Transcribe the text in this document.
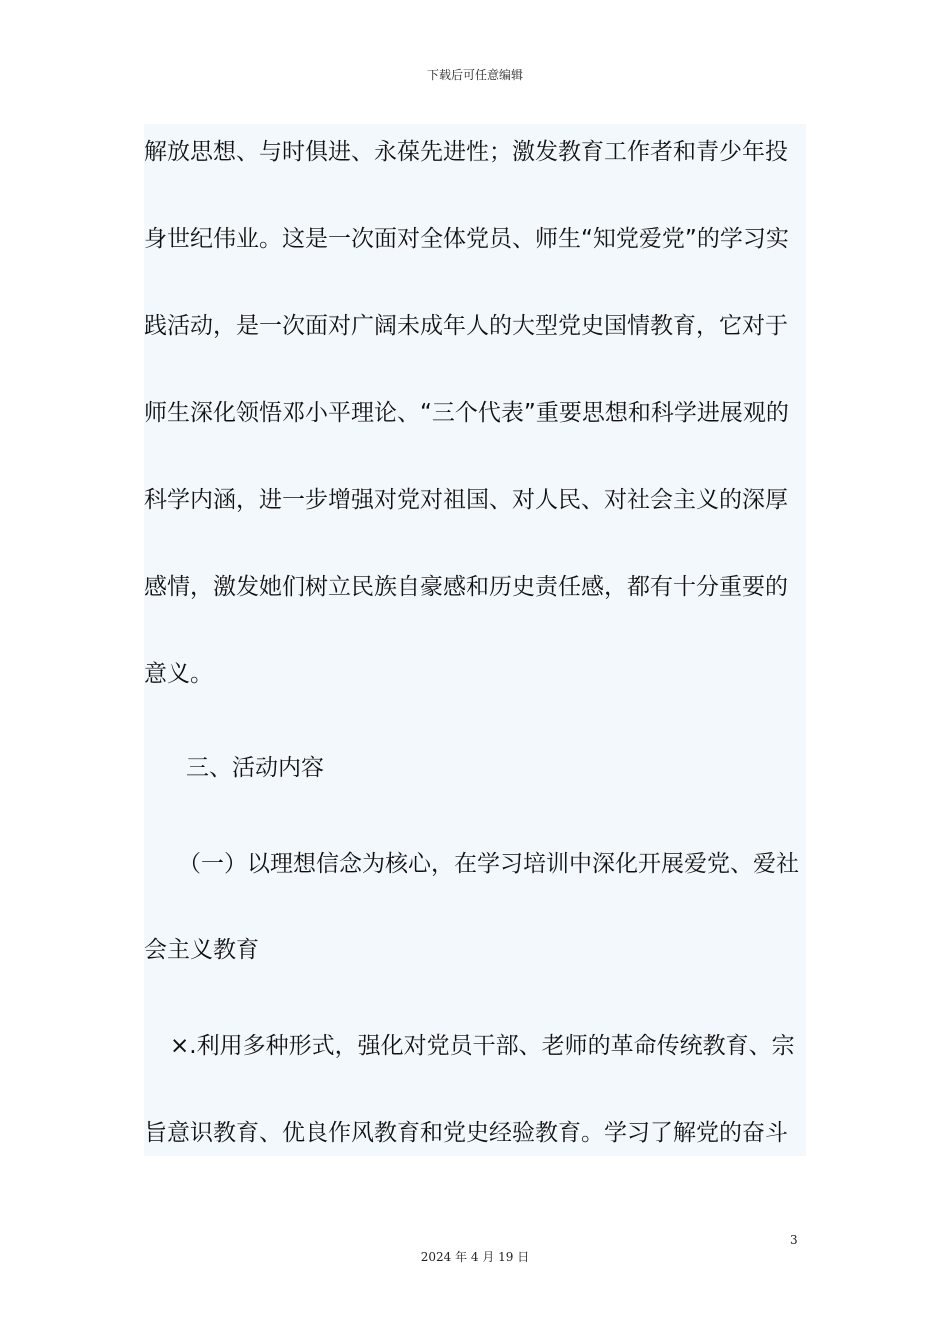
下载后可任意编辑
解放思想、与时俱进、永葆先进性；激发教育工作者和青少年投
身世纪伟业。这是一次面对全体党员、师生“知党爱党”的学习实
践活动，是一次面对广阔未成年人的大型党史国情教育，它对于
师生深化领悟邓小平理论、“三个代表”重要思想和科学进展观的
科学内涵，进一步增强对党对祖国、对人民、对社会主义的深厚
感情，激发她们树立民族自豪感和历史责任感，都有十分重要的
意义。
三、活动内容
（一）以理想信念为核心，在学习培训中深化开展爱党、爱社
会主义教育
×.利用多种形式，强化对党员干部、老师的革命传统教育、宗
旨意识教育、优良作风教育和党史经验教育。学习了解党的奋斗
3
2024 年 4 月 19 日
